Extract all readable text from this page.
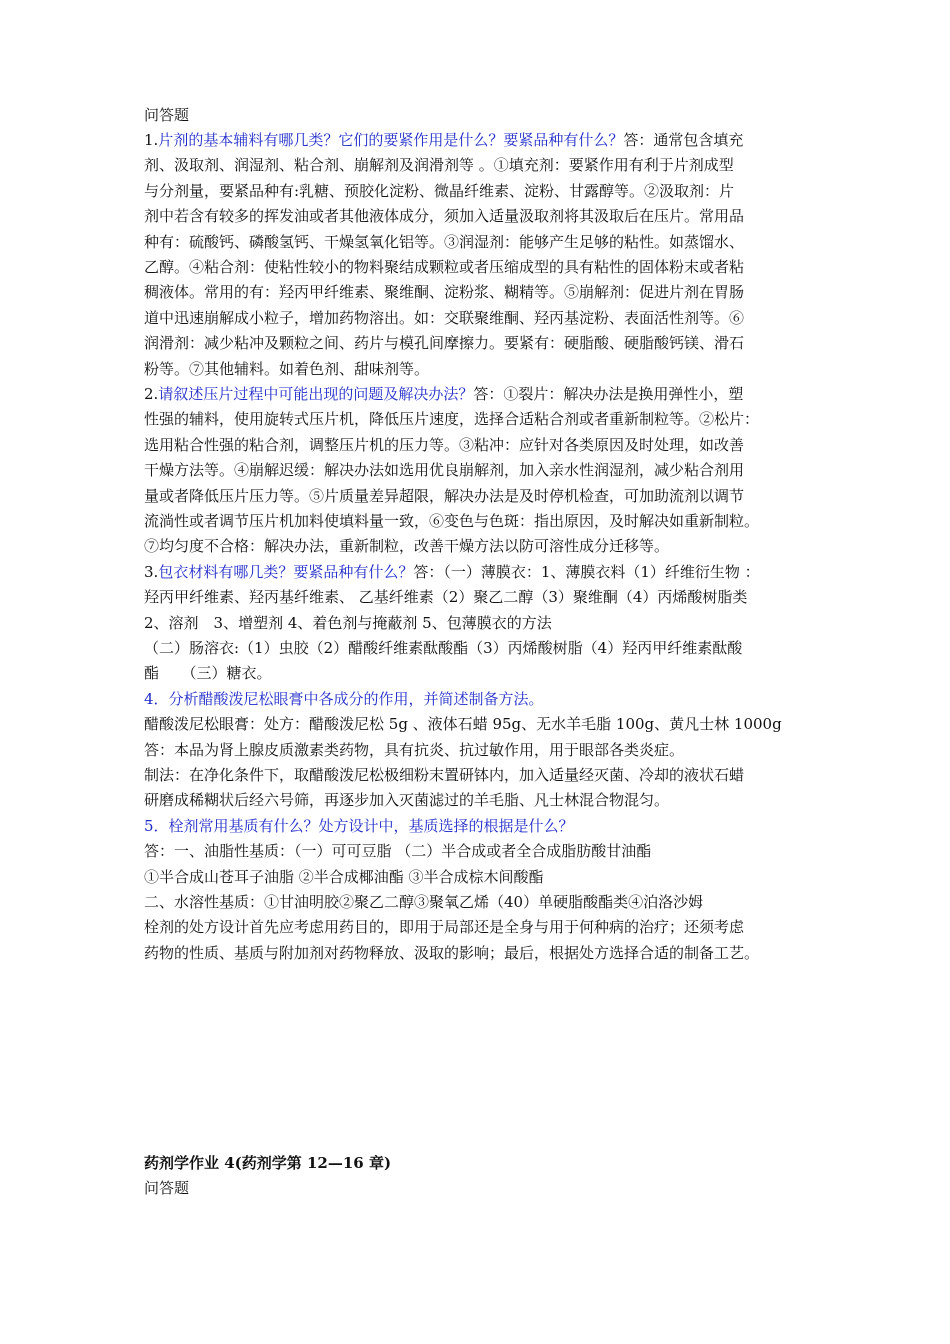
问答题
1.片剂的基本辅料有哪几类？它们的要紧作用是什么？要紧品种有什么？答：通常包含填充
剂、汲取剂、润湿剂、粘合剂、崩解剂及润滑剂等 。①填充剂：要紧作用有利于片剂成型
与分剂量，要紧品种有:乳糖、预胶化淀粉、微晶纤维素、淀粉、甘露醇等。②汲取剂：片
剂中若含有较多的挥发油或者其他液体成分，须加入适量汲取剂将其汲取后在压片。常用品
种有：硫酸钙、磷酸氢钙、干燥氢氧化铝等。③润湿剂：能够产生足够的粘性。如蒸馏水、
乙醇。④粘合剂：使粘性较小的物料聚结成颗粒或者压缩成型的具有粘性的固体粉末或者粘
稠液体。常用的有：羟丙甲纤维素、聚维酮、淀粉浆、糊精等。⑤崩解剂：促进片剂在胃肠
道中迅速崩解成小粒子，增加药物溶出。如：交联聚维酮、羟丙基淀粉、表面活性剂等。⑥
润滑剂：减少粘冲及颗粒之间、药片与模孔间摩擦力。要紧有：硬脂酸、硬脂酸钙镁、滑石
粉等。⑦其他辅料。如着色剂、甜味剂等。
2.请叙述压片过程中可能出现的问题及解决办法？答：①裂片：解决办法是换用弹性小，塑
性强的辅料，使用旋转式压片机，降低压片速度，选择合适粘合剂或者重新制粒等。②松片：
选用粘合性强的粘合剂，调整压片机的压力等。③粘冲：应针对各类原因及时处理，如改善
干燥方法等。④崩解迟缓：解决办法如选用优良崩解剂，加入亲水性润湿剂，减少粘合剂用
量或者降低压片压力等。⑤片质量差异超限，解决办法是及时停机检查，可加助流剂以调节
流淌性或者调节压片机加料使填料量一致，⑥变色与色斑：指出原因，及时解决如重新制粒。
⑦均匀度不合格：解决办法，重新制粒，改善干燥方法以防可溶性成分迁移等。
3.包衣材料有哪几类？要紧品种有什么？答：（一）薄膜衣：1、薄膜衣料（1）纤维衍生物 ：
羟丙甲纤维素、羟丙基纤维素、 乙基纤维素（2）聚乙二醇（3）聚维酮（4）丙烯酸树脂类
2、溶剂　3、增塑剂 4、着色剂与掩蔽剂 5、包薄膜衣的方法
（二）肠溶衣:（1）虫胶（2）醋酸纤维素酞酸酯（3）丙烯酸树脂（4）羟丙甲纤维素酞酸
酯　　（三）糖衣。
4．分析醋酸泼尼松眼膏中各成分的作用，并简述制备方法。
醋酸泼尼松眼膏：处方：醋酸泼尼松 5g 、液体石蜡 95g、无水羊毛脂 100g、黄凡士林 1000g
答：本品为肾上腺皮质激素类药物，具有抗炎、抗过敏作用，用于眼部各类炎症。
制法：在净化条件下，取醋酸泼尼松极细粉末置研钵内，加入适量经灭菌、冷却的液状石蜡
研磨成稀糊状后经六号筛，再逐步加入灭菌滤过的羊毛脂、凡士林混合物混匀。
5．栓剂常用基质有什么？处方设计中，基质选择的根据是什么？
答：一、油脂性基质：（一）可可豆脂 （二）半合成或者全合成脂肪酸甘油酯
①半合成山苍耳子油脂 ②半合成椰油酯 ③半合成棕木间酸酯
二、水溶性基质：①甘油明胶②聚乙二醇③聚氧乙烯（40）单硬脂酸酯类④泊洛沙姆
栓剂的处方设计首先应考虑用药目的，即用于局部还是全身与用于何种病的治疗；还须考虑
药物的性质、基质与附加剂对药物释放、汲取的影响；最后，根据处方选择合适的制备工艺。
药剂学作业 4(药剂学第 12—16 章)
问答题
